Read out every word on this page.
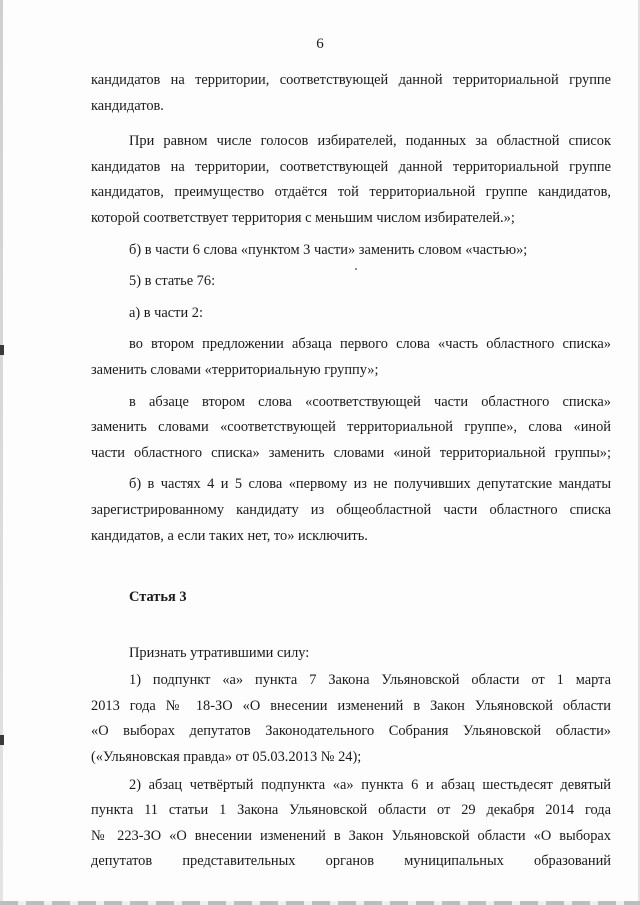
6

кандидатов на территории, соответствующей данной территориальной группе

кандидатов.

При равном числе голосов избирателей, поданных за областной список

кандидатов на территории, соответствующей данной территориальной группе

кандидатов, преимущество отдаётся той территориальной группе кандидатов,

которой соответствует территория с меньшим числом избирателей.»;

б) в части 6 слова «пунктом 3 части» заменить словом «частью»;

5) в статье 76:

а) в части 2:

во втором предложении абзаца первого слова «часть областного списка»

заменить словами «территориальную группу»;

в абзаце втором слова «соответствующей части областного списка»

заменить словами «соответствующей территориальной группе», слова «иной

части областного списка» заменить словами «иной территориальной группы»;

б) в частях 4 и 5 слова «первому из не получивших депутатские мандаты

зарегистрированному кандидату из общеобластной части областного списка

кандидатов, а если таких нет, то» исключить.

Статья 3

Признать утратившими силу:

1) подпункт «а» пункта 7 Закона Ульяновской области от 1 марта

2013 года № 18-ЗО «О внесении изменений в Закон Ульяновской области

«О выборах депутатов Законодательного Собрания Ульяновской области»

(«Ульяновская правда» от 05.03.2013 № 24);

2) абзац четвёртый подпункта «а» пункта 6 и абзац шестьдесят девятый

пункта 11 статьи 1 Закона Ульяновской области от 29 декабря 2014 года

№ 223-ЗО «О внесении изменений в Закон Ульяновской области «О выборах

депутатов представительных органов муниципальных образований
